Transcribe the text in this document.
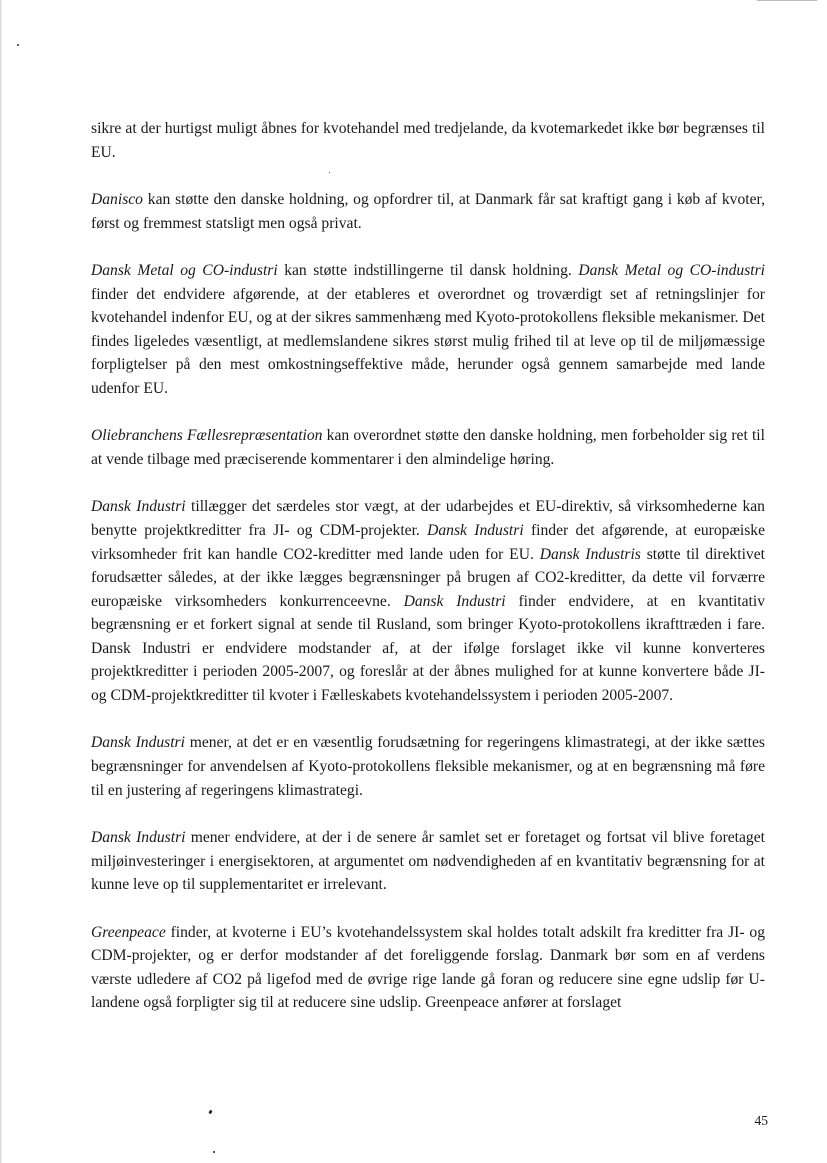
sikre at der hurtigst muligt åbnes for kvotehandel med tredjelande, da kvotemarkedet ikke bør begrænses til EU.

Danisco kan støtte den danske holdning, og opfordrer til, at Danmark får sat kraftigt gang i køb af kvoter, først og fremmest statsligt men også privat.

Dansk Metal og CO-industri kan støtte indstillingerne til dansk holdning. Dansk Metal og CO-industri finder det endvidere afgørende, at der etableres et overordnet og troværdigt set af retningslinjer for kvotehandel indenfor EU, og at der sikres sammenhæng med Kyoto-protokollens fleksible mekanismer. Det findes ligeledes væsentligt, at medlemslandene sikres størst mulig frihed til at leve op til de miljømæssige forpligtelser på den mest omkostningseffektive måde, herunder også gennem samarbejde med lande udenfor EU.

Oliebranchens Fællesrepræsentation kan overordnet støtte den danske holdning, men forbeholder sig ret til at vende tilbage med præciserende kommentarer i den almindelige høring.

Dansk Industri tillægger det særdeles stor vægt, at der udarbejdes et EU-direktiv, så virksomhederne kan benytte projektkreditter fra JI- og CDM-projekter. Dansk Industri finder det afgørende, at europæiske virksomheder frit kan handle CO2-kreditter med lande uden for EU. Dansk Industris støtte til direktivet forudsætter således, at der ikke lægges begrænsninger på brugen af CO2-kreditter, da dette vil forværre europæiske virksomheders konkurrenceevne. Dansk Industri finder endvidere, at en kvantitativ begrænsning er et forkert signal at sende til Rusland, som bringer Kyoto-protokollens ikrafttræden i fare. Dansk Industri er endvidere modstander af, at der ifølge forslaget ikke vil kunne konverteres projektkreditter i perioden 2005-2007, og foreslår at der åbnes mulighed for at kunne konvertere både JI- og CDM-projektkreditter til kvoter i Fælleskabets kvotehandelssystem i perioden 2005-2007.

Dansk Industri mener, at det er en væsentlig forudsætning for regeringens klimastrategi, at der ikke sættes begrænsninger for anvendelsen af Kyoto-protokollens fleksible mekanismer, og at en begrænsning må føre til en justering af regeringens klimastrategi.

Dansk Industri mener endvidere, at der i de senere år samlet set er foretaget og fortsat vil blive foretaget miljøinvesteringer i energisektoren, at argumentet om nødvendigheden af en kvantitativ begrænsning for at kunne leve op til supplementaritet er irrelevant.

Greenpeace finder, at kvoterne i EU’s kvotehandelssystem skal holdes totalt adskilt fra kreditter fra JI- og CDM-projekter, og er derfor modstander af det foreliggende forslag. Danmark bør som en af verdens værste udledere af CO2 på ligefod med de øvrige rige lande gå foran og reducere sine egne udslip før U-landene også forpligter sig til at reducere sine udslip. Greenpeace anfører at forslaget

45
